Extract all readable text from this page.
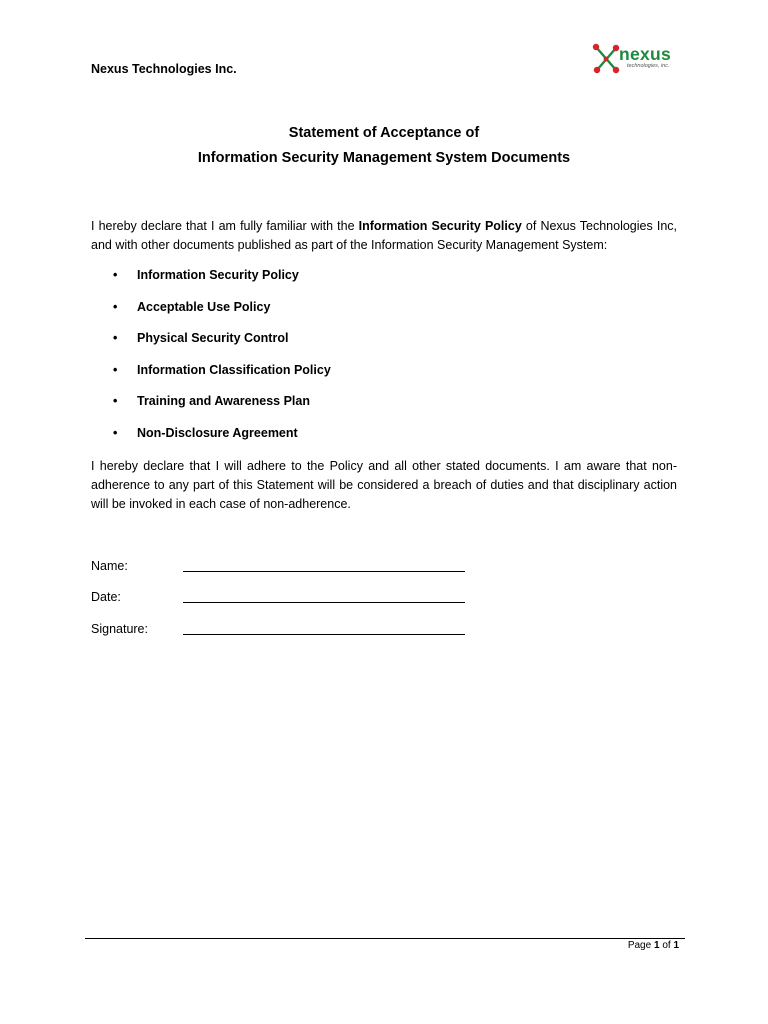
Nexus Technologies Inc.
nexus
technologies, inc.
Statement of Acceptance of
Information Security Management System Documents
I hereby declare that I am fully familiar with the Information Security Policy of Nexus Technologies Inc, and with other documents published as part of the Information Security Management System:
• Information Security Policy
• Acceptable Use Policy
• Physical Security Control
• Information Classification Policy
• Training and Awareness Plan
• Non-Disclosure Agreement
I hereby declare that I will adhere to the Policy and all other stated documents. I am aware that non-adherence to any part of this Statement will be considered a breach of duties and that disciplinary action will be invoked in each case of non-adherence.
Name:
Date:
Signature:
Page 1 of 1
